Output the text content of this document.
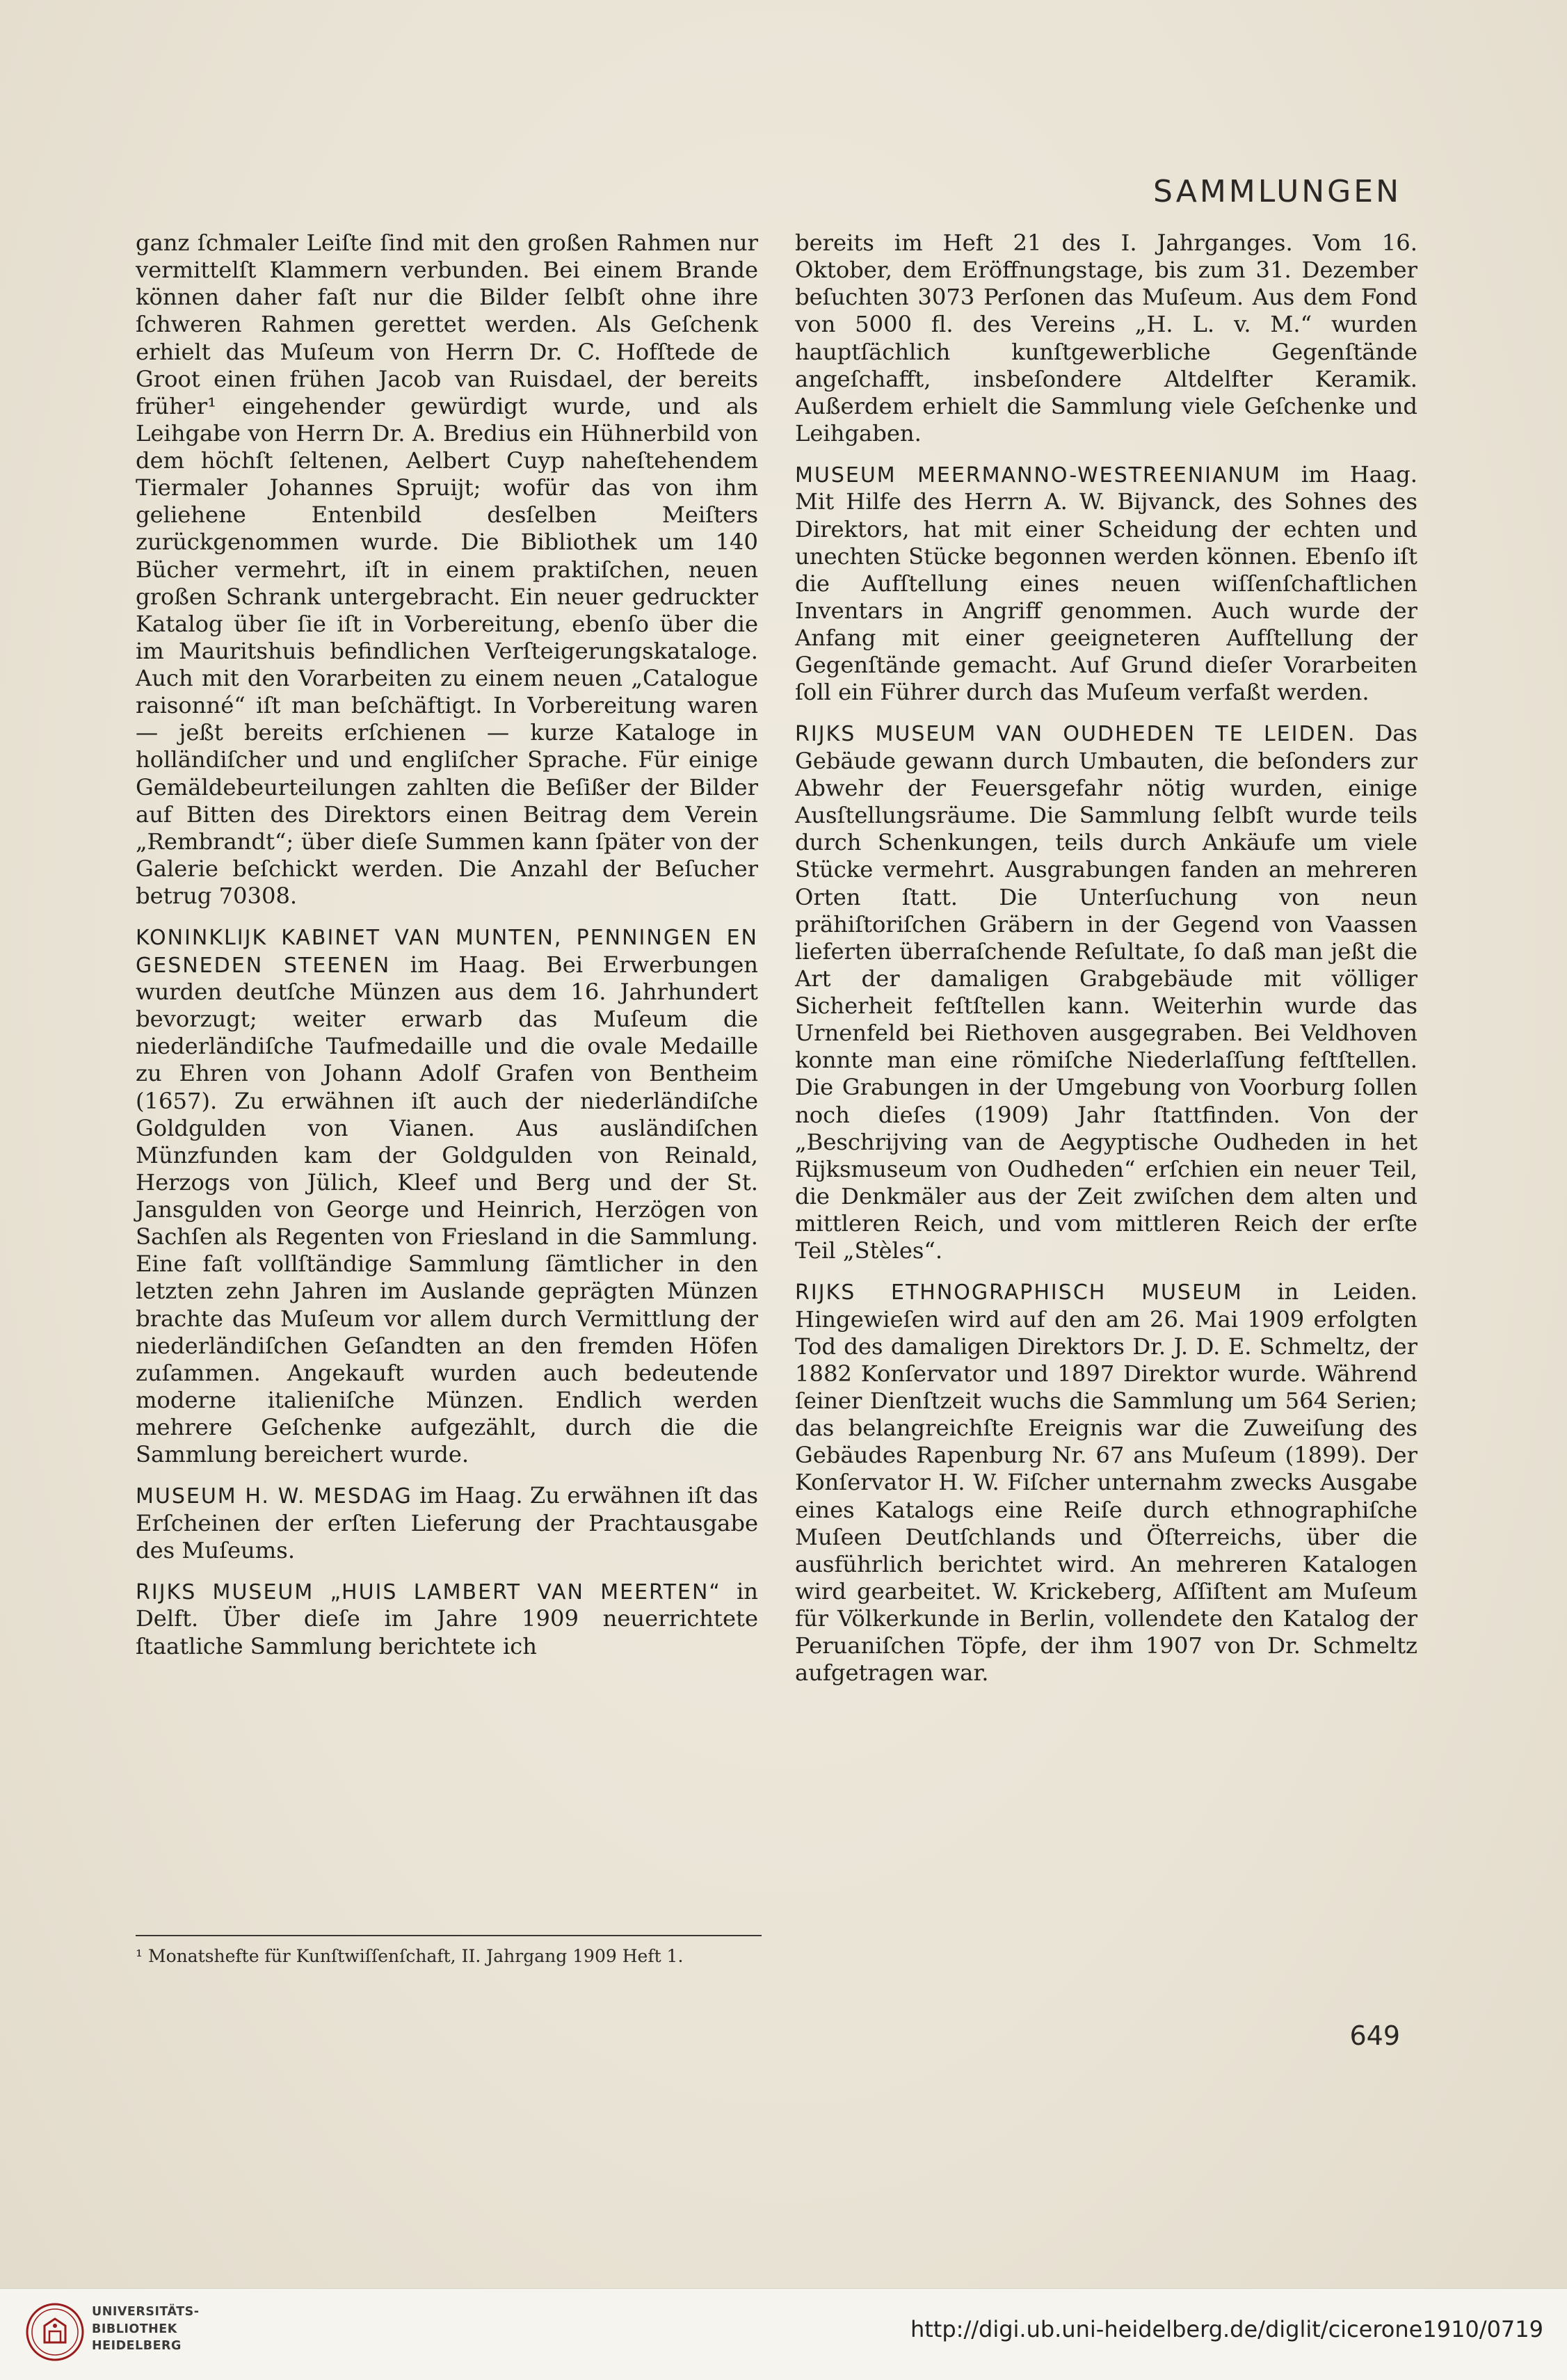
SAMMLUNGEN

ganz ſchmaler Leiſte ſind mit den großen Rahmen nur vermittelſt Klammern verbunden. Bei einem Brande können daher faſt nur die Bilder ſelbſt ohne ihre ſchweren Rahmen gerettet werden. Als Geſchenk erhielt das Muſeum von Herrn Dr. C. Hofſtede de Groot einen frühen Jacob van Ruisdael, der bereits früher¹ eingehender gewürdigt wurde, und als Leihgabe von Herrn Dr. A. Bredius ein Hühnerbild von dem höchſt ſeltenen, Aelbert Cuyp naheſtehendem Tiermaler Johannes Spruijt; wofür das von ihm geliehene Entenbild desſelben Meiſters zurückgenommen wurde. Die Bibliothek um 140 Bücher vermehrt, iſt in einem praktiſchen, neuen großen Schrank untergebracht. Ein neuer gedruckter Katalog über ſie iſt in Vorbereitung, ebenſo über die im Mauritshuis befindlichen Verſteigerungskataloge. Auch mit den Vorarbeiten zu einem neuen „Catalogue raisonné“ iſt man beſchäftigt. In Vorbereitung waren — jeßt bereits erſchienen — kurze Kataloge in holländiſcher und und engliſcher Sprache. Für einige Gemäldebeurteilungen zahlten die Beſißer der Bilder auf Bitten des Direktors einen Beitrag dem Verein „Rembrandt“; über dieſe Summen kann ſpäter von der Galerie beſchickt werden. Die Anzahl der Beſucher betrug 70308.

KONINKLIJK KABINET VAN MUNTEN, PENNINGEN EN GESNEDEN STEENEN im Haag. Bei Erwerbungen wurden deutſche Münzen aus dem 16. Jahrhundert bevorzugt; weiter erwarb das Muſeum die niederländiſche Taufmedaille und die ovale Medaille zu Ehren von Johann Adolf Grafen von Bentheim (1657). Zu erwähnen iſt auch der niederländiſche Goldgulden von Vianen. Aus ausländiſchen Münzfunden kam der Goldgulden von Reinald, Herzogs von Jülich, Kleef und Berg und der St. Jansgulden von George und Heinrich, Herzögen von Sachſen als Regenten von Friesland in die Sammlung. Eine faſt vollſtändige Sammlung ſämtlicher in den letzten zehn Jahren im Auslande geprägten Münzen brachte das Muſeum vor allem durch Vermittlung der niederländiſchen Geſandten an den fremden Höfen zuſammen. Angekauft wurden auch bedeutende moderne italieniſche Münzen. Endlich werden mehrere Geſchenke aufgezählt, durch die die Sammlung bereichert wurde.

MUSEUM H. W. MESDAG im Haag. Zu erwähnen iſt das Erſcheinen der erſten Lieferung der Prachtausgabe des Muſeums.

RIJKS MUSEUM „HUIS LAMBERT VAN MEERTEN“ in Delft. Über dieſe im Jahre 1909 neuerrichtete ſtaatliche Sammlung berichtete ich

¹ Monatshefte für Kunſtwiſſenſchaft, II. Jahrgang 1909 Heft 1.

bereits im Heft 21 des I. Jahrganges. Vom 16. Oktober, dem Eröffnungstage, bis zum 31. Dezember beſuchten 3073 Perſonen das Muſeum. Aus dem Fond von 5000 fl. des Vereins „H. L. v. M.“ wurden hauptſächlich kunſtgewerbliche Gegenſtände angeſchafft, insbeſondere Altdelfter Keramik. Außerdem erhielt die Sammlung viele Geſchenke und Leihgaben.

MUSEUM MEERMANNO-WESTREENIANUM im Haag. Mit Hilfe des Herrn A. W. Bijvanck, des Sohnes des Direktors, hat mit einer Scheidung der echten und unechten Stücke begonnen werden können. Ebenſo iſt die Aufſtellung eines neuen wiſſenſchaftlichen Inventars in Angriff genommen. Auch wurde der Anfang mit einer geeigneteren Aufſtellung der Gegenſtände gemacht. Auf Grund dieſer Vorarbeiten ſoll ein Führer durch das Muſeum verfaßt werden.

RIJKS MUSEUM VAN OUDHEDEN TE LEIDEN. Das Gebäude gewann durch Umbauten, die beſonders zur Abwehr der Feuersgefahr nötig wurden, einige Ausſtellungsräume. Die Sammlung ſelbſt wurde teils durch Schenkungen, teils durch Ankäufe um viele Stücke vermehrt. Ausgrabungen fanden an mehreren Orten ſtatt. Die Unterſuchung von neun prähiſtoriſchen Gräbern in der Gegend von Vaassen lieferten überraſchende Reſultate, ſo daß man jeßt die Art der damaligen Grabgebäude mit völliger Sicherheit feſtſtellen kann. Weiterhin wurde das Urnenfeld bei Riethoven ausgegraben. Bei Veldhoven konnte man eine römiſche Niederlaſſung feſtſtellen. Die Grabungen in der Umgebung von Voorburg ſollen noch dieſes (1909) Jahr ſtattfinden. Von der „Beschrijving van de Aegyptische Oudheden in het Rijksmuseum von Oudheden“ erſchien ein neuer Teil, die Denkmäler aus der Zeit zwiſchen dem alten und mittleren Reich, und vom mittleren Reich der erſte Teil „Stèles“.

RIJKS ETHNOGRAPHISCH MUSEUM in Leiden. Hingewieſen wird auf den am 26. Mai 1909 erfolgten Tod des damaligen Direktors Dr. J. D. E. Schmeltz, der 1882 Konſervator und 1897 Direktor wurde. Während ſeiner Dienſtzeit wuchs die Sammlung um 564 Serien; das belangreichſte Ereignis war die Zuweiſung des Gebäudes Rapenburg Nr. 67 ans Muſeum (1899). Der Konſervator H. W. Fiſcher unternahm zwecks Ausgabe eines Katalogs eine Reiſe durch ethnographiſche Muſeen Deutſchlands und Öſterreichs, über die ausführlich berichtet wird. An mehreren Katalogen wird gearbeitet. W. Krickeberg, Aſſiſtent am Muſeum für Völkerkunde in Berlin, vollendete den Katalog der Peruaniſchen Töpfe, der ihm 1907 von Dr. Schmeltz aufgetragen war.

649
UNIVERSITÄTS-
BIBLIOTHEK
HEIDELBERG
http://digi.ub.uni-heidelberg.de/diglit/cicerone1910/0719
